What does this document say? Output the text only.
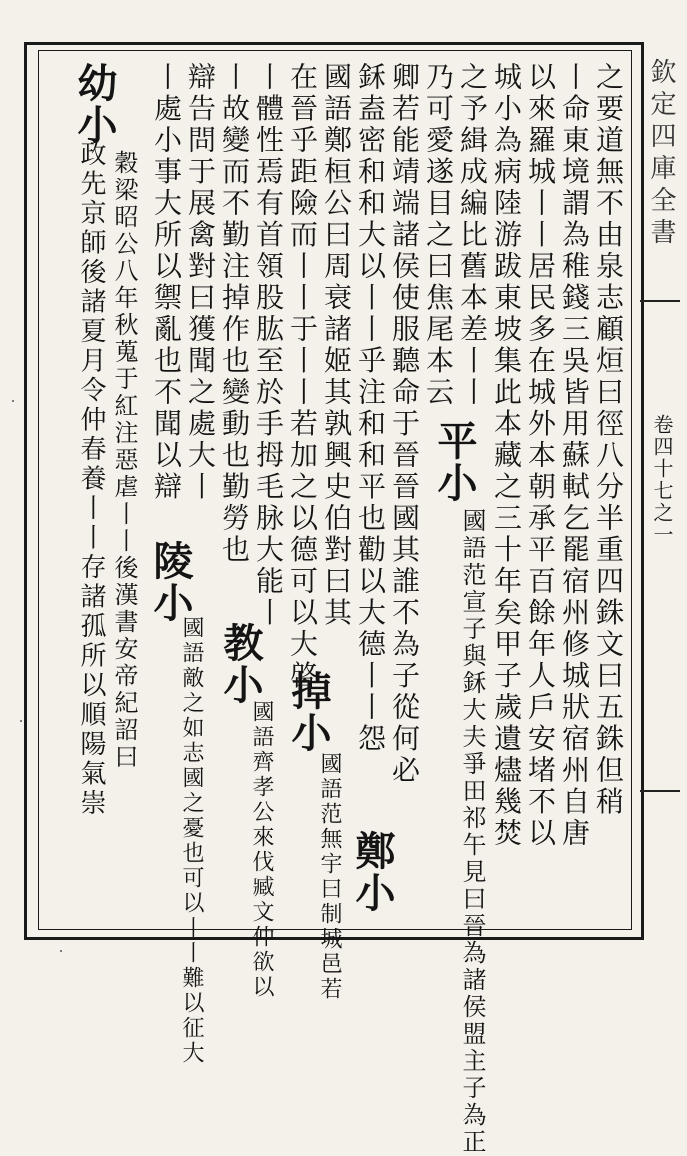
欽定四庫全書
卷四十七之一
之要道無不由泉志顧烜曰徑八分半重四銖文曰五銖但稍
丨命東境謂為稚錢三吳皆用蘇軾乞罷宿州修城狀宿州自唐
以來羅城丨丨居民多在城外本朝承平百餘年人戶安堵不以
城小為病陸游跋東坡集此本藏之三十年矣甲子歲遺燼幾焚
之予緝成編比舊本差丨丨
乃可愛遂目之曰焦尾本云
平小
國語范宣子與鉌大夫爭田祁午見曰晉為諸侯盟主子為正
卿若能靖端諸侯使服聽命于晉晉國其誰不為子從何必
鉌盍密和和大以丨丨乎注和和平也勸以大德丨丨怨
鄭小
國語鄭桓公曰周衰諸姬其孰興史伯對曰其
在晉乎距險而丨丨于丨丨若加之以德可以大啓
掉小
國語范無宇曰制城邑若
丨體性焉有首領股肱至於手拇毛脉大能丨
丨故變而不勤注掉作也變動也勤勞也
教小
國語齊孝公來伐臧文仲欲以
辯告問于展禽對曰獲聞之處大丨
丨處小事大所以禦亂也不聞以辯
陵小
國語敵之如志國之憂也可以丨丨難以征大
幼小
穀梁昭公八年秋蒐于紅注惡虐丨丨後漢書安帝紀詔曰
政先京師後諸夏月令仲春養丨丨存諸孤所以順陽氣崇
